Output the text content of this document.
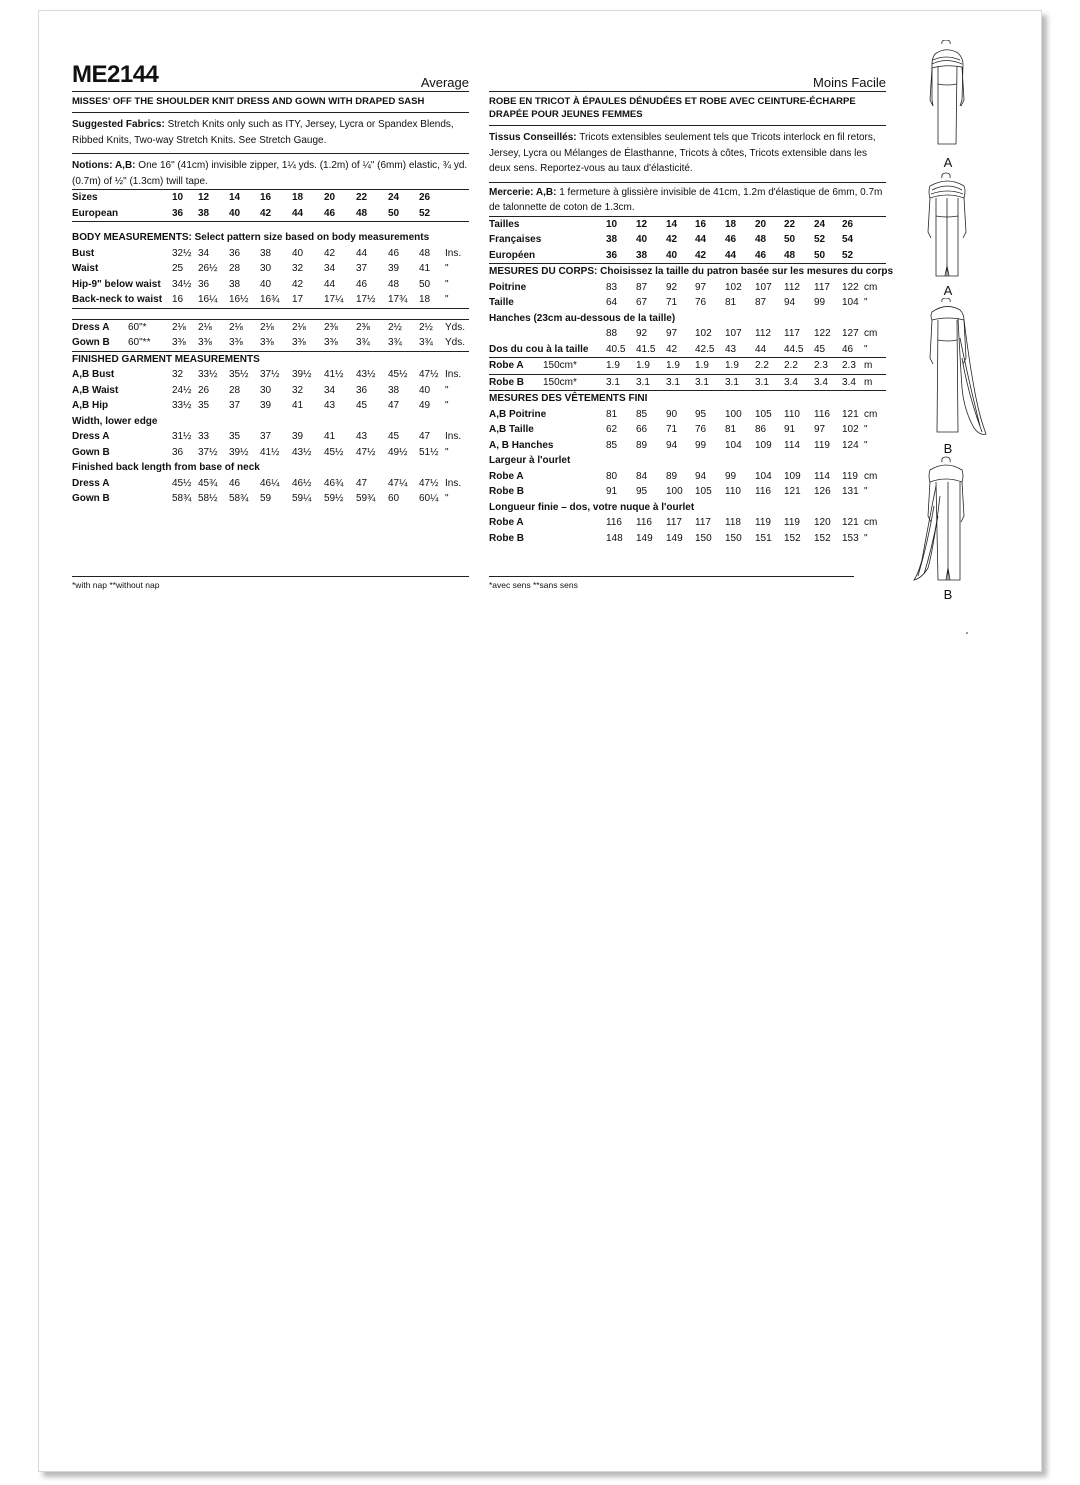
ME2144	Average
MISSES' OFF THE SHOULDER KNIT DRESS AND GOWN WITH DRAPED SASH
Suggested Fabrics: Stretch Knits only such as ITY, Jersey, Lycra or Spandex Blends, Ribbed Knits, Two-way Stretch Knits. See Stretch Gauge.
Notions: A,B: One 16" (41cm) invisible zipper, 1¼ yds. (1.2m) of ¼" (6mm) elastic, ¾ yd. (0.7m) of ½" (1.3cm) twill tape.
Sizes	10	12	14	16	18	20	22	24	26	
European	36	38	40	42	44	46	48	50	52	

BODY MEASUREMENTS: Select pattern size based on body measurements										
Bust	32½	34	36	38	40	42	44	46	48	Ins.
Waist	25	26½	28	30	32	34	37	39	41	"
Hip-9" below waist	34½	36	38	40	42	44	46	48	50	"
Back-neck to waist	16	16¼	16½	16¾	17	17¼	17½	17¾	18	"

Dress A 60"*	2⅛	2⅛	2⅛	2⅛	2⅛	2⅜	2⅜	2½	2½	Yds.
Gown B 60"**	3⅜	3⅜	3⅜	3⅜	3⅜	3⅜	3¾	3¾	3¾	Yds.
FINISHED GARMENT MEASUREMENTS										
A,B Bust	32	33½	35½	37½	39½	41½	43½	45½	47½	Ins.
A,B Waist	24½	26	28	30	32	34	36	38	40	"
A,B Hip	33½	35	37	39	41	43	45	47	49	"
Width, lower edge										
Dress A	31½	33	35	37	39	41	43	45	47	Ins.
Gown B	36	37½	39½	41½	43½	45½	47½	49½	51½	"
Finished back length from base of neck										
Dress A	45½	45¾	46	46¼	46½	46¾	47	47¼	47½	Ins.
Gown B	58¾	58½	58¾	59	59¼	59½	59¾	60	60¼	"
*with nap **without nap
Moins Facile
ROBE EN TRICOT À ÉPAULES DÉNUDÉES ET ROBE AVEC CEINTURE-ÉCHARPE DRAPÉE POUR JEUNES FEMMES
Tissus Conseillés: Tricots extensibles seulement tels que Tricots interlock en fil retors, Jersey, Lycra ou Mélanges de Élasthanne, Tricots à côtes, Tricots extensible dans les deux sens. Reportez-vous au taux d'élasticité.
Mercerie: A,B: 1 fermeture à glissière invisible de 41cm, 1.2m d'élastique de 6mm, 0.7m de talonnette de coton de 1.3cm.
Tailles	10	12	14	16	18	20	22	24	26	
Françaises	38	40	42	44	46	48	50	52	54	
Européen	36	38	40	42	44	46	48	50	52	
MESURES DU CORPS: Choisissez la taille du patron basée sur les mesures du corps										
Poitrine	83	87	92	97	102	107	112	117	122	cm
Taille	64	67	71	76	81	87	94	99	104	"
Hanches (23cm au-dessous de la taille)										
	88	92	97	102	107	112	117	122	127	cm
Dos du cou à la taille	40.5	41.5	42	42.5	43	44	44.5	45	46	"
Robe A 150cm*	1.9	1.9	1.9	1.9	1.9	2.2	2.2	2.3	2.3	m
Robe B 150cm*	3.1	3.1	3.1	3.1	3.1	3.1	3.4	3.4	3.4	m
MESURES DES VÊTEMENTS FINI										
A,B Poitrine	81	85	90	95	100	105	110	116	121	cm
A,B Taille	62	66	71	76	81	86	91	97	102	"
A, B Hanches	85	89	94	99	104	109	114	119	124	"
Largeur à l'ourlet										
Robe A	80	84	89	94	99	104	109	114	119	cm
Robe B	91	95	100	105	110	116	121	126	131	"
Longueur finie – dos, votre nuque à l'ourlet										
Robe A	116	116	117	117	118	119	119	120	121	cm
Robe B	148	149	149	150	150	151	152	152	153	"
*avec sens **sans sens
A
A
B
B
